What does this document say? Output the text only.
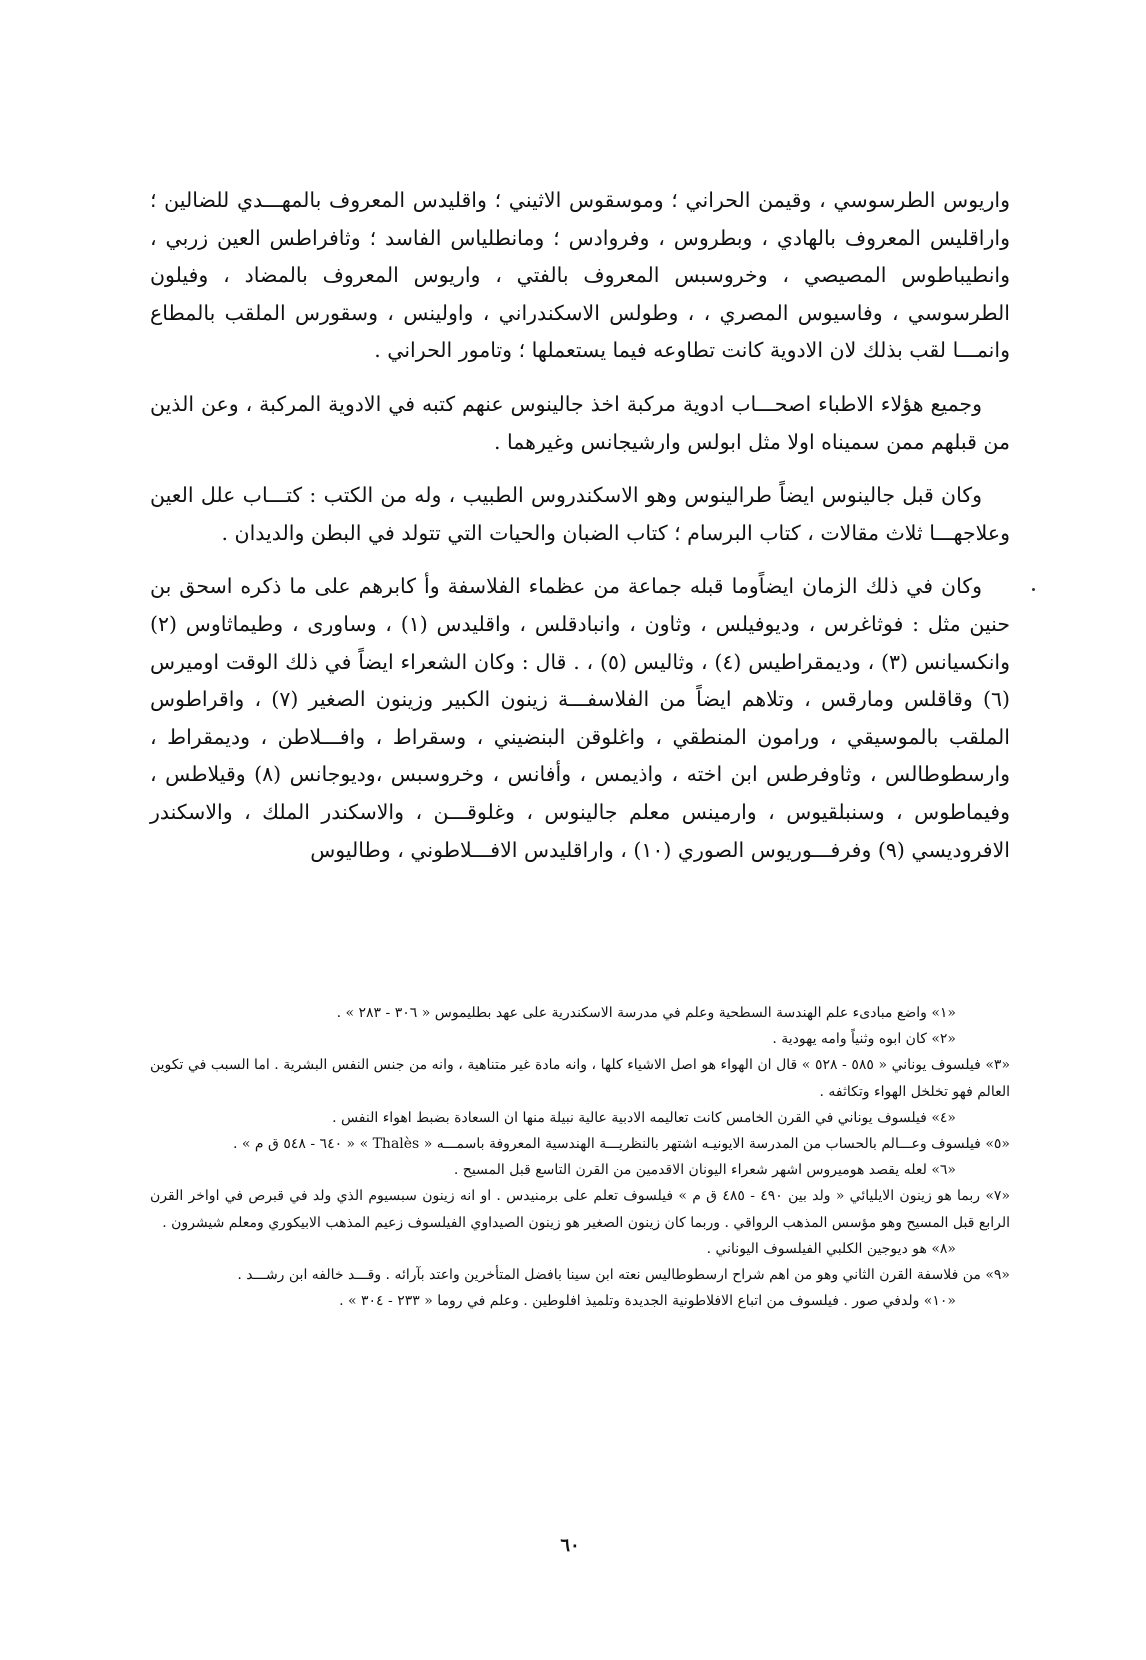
واريوس الطرسوسي ، وقيمن الحراني ؛ وموسقوس الاثيني ؛ واقليدس المعروف بالمهـــدي للضالين ؛ واراقليس المعروف بالهادي ، وبطروس ، وفروادس ؛ ومانطلياس الفاسد ؛ وثافراطس العين زربي ، وانطيباطوس المصيصي ، وخروسبس المعروف بالفتي ، واريوس المعروف بالمضاد ، وفيلون الطرسوسي ، وفاسيوس المصري ، ، وطولس الاسكندراني ، واولينس ، وسقورس الملقب بالمطاع وانمـــا لقب بذلك لان الادوية كانت تطاوعه فيما يستعملها ؛ وتامور الحراني .

وجميع هؤلاء الاطباء اصحـــاب ادوية مركبة اخذ جالينوس عنهم كتبه في الادوية المركبة ، وعن الذين من قبلهم ممن سميناه اولا مثل ابولس وارشيجانس وغيرهما .

وكان قبل جالينوس ايضاً طرالينوس وهو الاسكندروس الطبيب ، وله من الكتب : كتـــاب علل العين وعلاجهـــا ثلاث مقالات ، كتاب البرسام ؛ كتاب الضبان والحيات التي تتولد في البطن والديدان .

وكان في ذلك الزمان ايضاًوما قبله جماعة من عظماء الفلاسفة وأ كابرهم على ما ذكره اسحق بن حنين مثل : فوثاغرس ، وديوفيلس ، وثاون ، وانبادقلس ، واقليدس (١) ، وساورى ، وطيماثاوس (٢) وانكسيانس (٣) ، وديمقراطيس (٤) ، وثاليس (٥) ، . قال : وكان الشعراء ايضاً في ذلك الوقت اوميرس (٦) وقاقلس ومارقس ، وتلاهم ايضاً من الفلاسفـــة زينون الكبير وزينون الصغير (٧) ، واقراطوس الملقب بالموسيقي ، ورامون المنطقي ، واغلوقن البنضيني ، وسقراط ، وافـــلاطن ، وديمقراط ، وارسطوطالس ، وثاوفرطس ابن اخته ، واذيمس ، وأفانس ، وخروسبس ،وديوجانس (٨) وقيلاطس ، وفيماطوس ، وسنبلقيوس ، وارمينس معلم جالينوس ، وغلوقـــن ، والاسكندر الملك ، والاسكندر الافروديسي (٩) وفرفـــوريوس الصوري (١٠) ، واراقليدس الافـــلاطوني ، وطاليوس

«١» واضع مبادىء علم الهندسة السطحية وعلم في مدرسة الاسكندرية على عهد بطليموس « ٣٠٦ - ٢٨٣ » .

«٢» كان ابوه وثنياً وامه يهودية .

«٣» فيلسوف يوناني « ٥٨٥ - ٥٢٨ » قال ان الهواء هو اصل الاشياء كلها ، وانه مادة غير متناهية ، وانه من جنس النفس البشرية . اما السبب في تكوين العالم فهو تخلخل الهواء وتكاثفه .

«٤» فيلسوف يوناني في القرن الخامس كانت تعاليمه الادبية عالية نبيلة منها ان السعادة بضبط اهواء النفس .

«٥» فيلسوف وعـــالم بالحساب من المدرسة الايونيـه اشتهر بالنظريـــة الهندسية المعروفة باسمـــه « Thalès » « ٦٤٠ - ٥٤٨ ق م » .

«٦» لعله يقصد هوميروس اشهر شعراء اليونان الاقدمين من القرن التاسع قبل المسيح .

«٧» ربما هو زينون الايليائي « ولد بين ٤٩٠ - ٤٨٥ ق م » فيلسوف تعلم على برمنيدس . او انه زينون سبسيوم الذي ولد في قبرص في اواخر القرن الرابع قبل المسيح وهو مؤسس المذهب الرواقي . وربما كان زينون الصغير هو زينون الصيداوي الفيلسوف زعيم المذهب الابيكوري ومعلم شيشرون .

«٨» هو ديوجين الكلبي الفيلسوف اليوناني .

«٩» من فلاسفة القرن الثاني وهو من اهم شراح ارسطوطاليس نعته ابن سينا بافضل المتأخرين واعتد بآرائه . وقـــد خالفه ابن رشـــد .

«١٠» ولدفي صور . فيلسوف من اتباع الافلاطونية الجديدة وتلميذ افلوطين . وعلم في روما « ٢٣٣ - ٣٠٤ » .

٦٠
